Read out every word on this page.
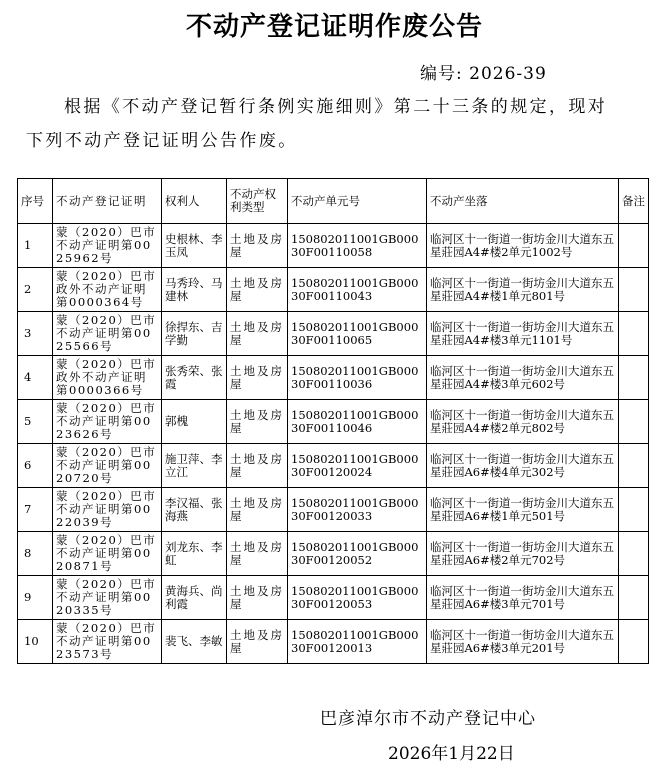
不动产登记证明作废公告
编号: 2026-39
根据《不动产登记暂行条例实施细则》第二十三条的规定，现对下列不动产登记证明公告作废。
序号	不动产登记证明	权利人	不动产权利类型	不动产单元号	不动产坐落	备注
1	蒙（2020）巴市不动产证明第0025962号	史根林、李玉凤	土地及房屋	150802011001GB00030F00110058	临河区十一街道一街坊金川大道东五星莊园A4#楼2单元1002号	
2	蒙（2020）巴市政外不动产证明第0000364号	马秀玲、马建林	土地及房屋	150802011001GB00030F00110043	临河区十一街道一街坊金川大道东五星莊园A4#楼1单元801号	
3	蒙（2020）巴市不动产证明第0025566号	徐捍东、吉学勤	土地及房屋	150802011001GB00030F00110065	临河区十一街道一街坊金川大道东五星莊园A4#楼3单元1101号	
4	蒙（2020）巴市政外不动产证明第0000366号	张秀荣、张霞	土地及房屋	150802011001GB00030F00110036	临河区十一街道一街坊金川大道东五星莊园A4#楼3单元602号	
5	蒙（2020）巴市不动产证明第0023626号	郭槐	土地及房屋	150802011001GB00030F00110046	临河区十一街道一街坊金川大道东五星莊园A4#楼2单元802号	
6	蒙（2020）巴市不动产证明第0020720号	施卫萍、李立江	土地及房屋	150802011001GB00030F00120024	临河区十一街道一街坊金川大道东五星莊园A6#楼4单元302号	
7	蒙（2020）巴市不动产证明第0022039号	李汉福、张海燕	土地及房屋	150802011001GB00030F00120033	临河区十一街道一街坊金川大道东五星莊园A6#楼1单元501号	
8	蒙（2020）巴市不动产证明第0020871号	刘龙东、李虹	土地及房屋	150802011001GB00030F00120052	临河区十一街道一街坊金川大道东五星莊园A6#楼2单元702号	
9	蒙（2020）巴市不动产证明第0020335号	黄海兵、尚利霞	土地及房屋	150802011001GB00030F00120053	临河区十一街道一街坊金川大道东五星莊园A6#楼3单元701号	
10	蒙（2020）巴市不动产证明第0023573号	裴飞、李敏	土地及房屋	150802011001GB00030F00120013	临河区十一街道一街坊金川大道东五星莊园A6#楼3单元201号	
巴彦淖尔市不动产登记中心
2026年1月22日
